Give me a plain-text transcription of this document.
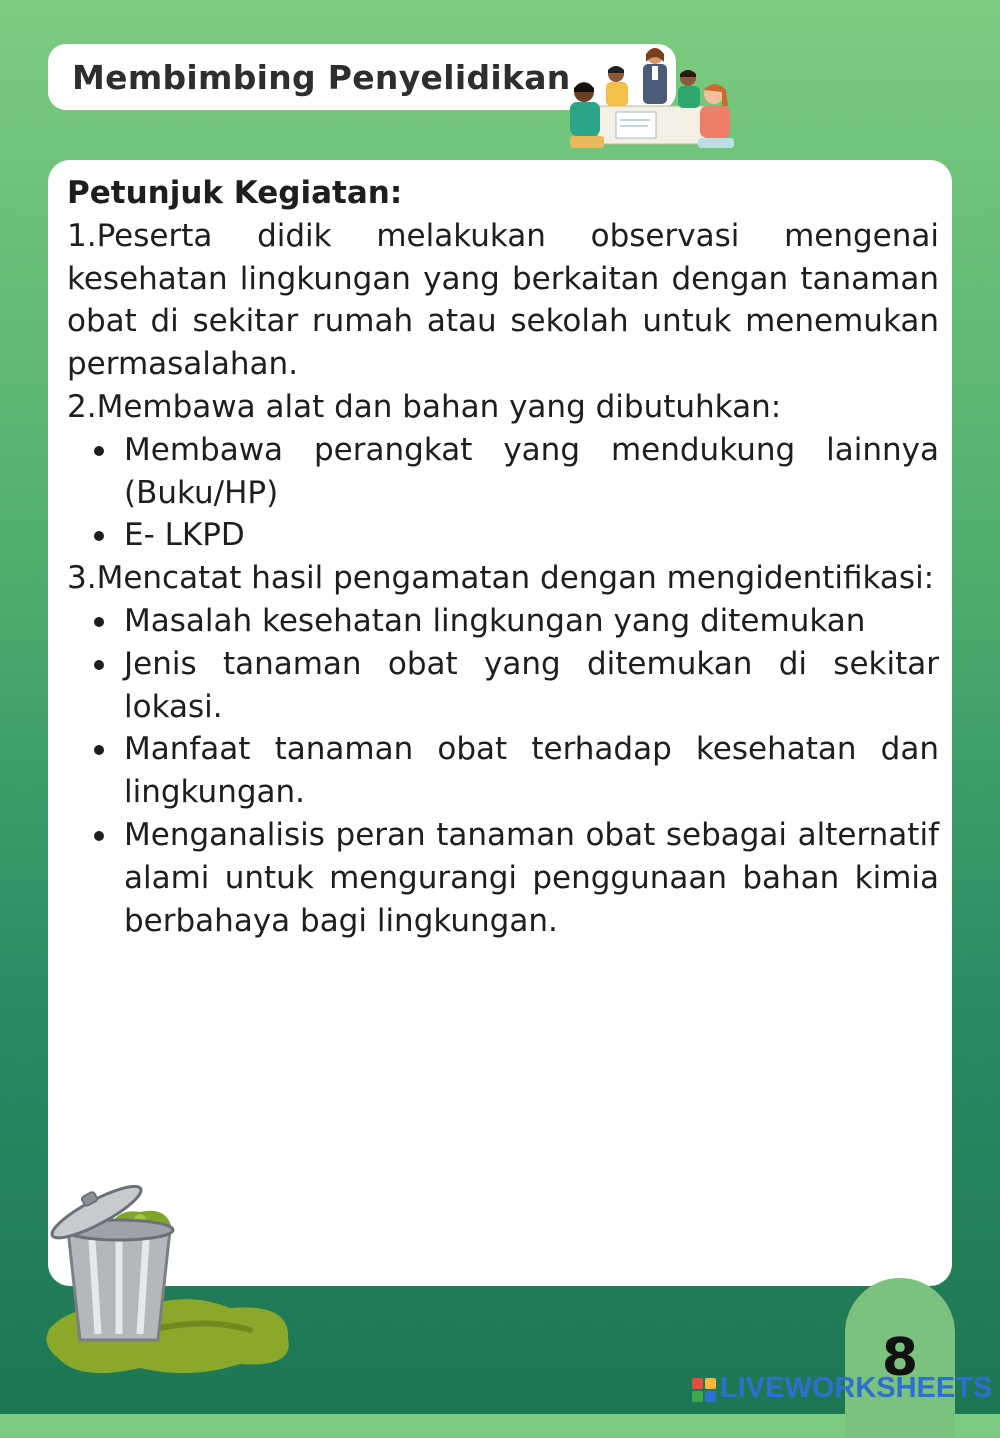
Membimbing Penyelidikan
Petunjuk Kegiatan:
1.Peserta didik melakukan observasi mengenai kesehatan lingkungan yang berkaitan dengan tanaman obat di sekitar rumah atau sekolah untuk menemukan permasalahan.
2.Membawa alat dan bahan yang dibutuhkan:
Membawa perangkat yang mendukung lainnya (Buku/HP)
E- LKPD
3.Mencatat hasil pengamatan dengan mengidentifikasi:
Masalah kesehatan lingkungan yang ditemukan
Jenis tanaman obat yang ditemukan di sekitar lokasi.
Manfaat tanaman obat terhadap kesehatan dan lingkungan.
Menganalisis peran tanaman obat sebagai alternatif alami untuk mengurangi penggunaan bahan kimia berbahaya bagi lingkungan.
8
LIVEWORKSHEETS
